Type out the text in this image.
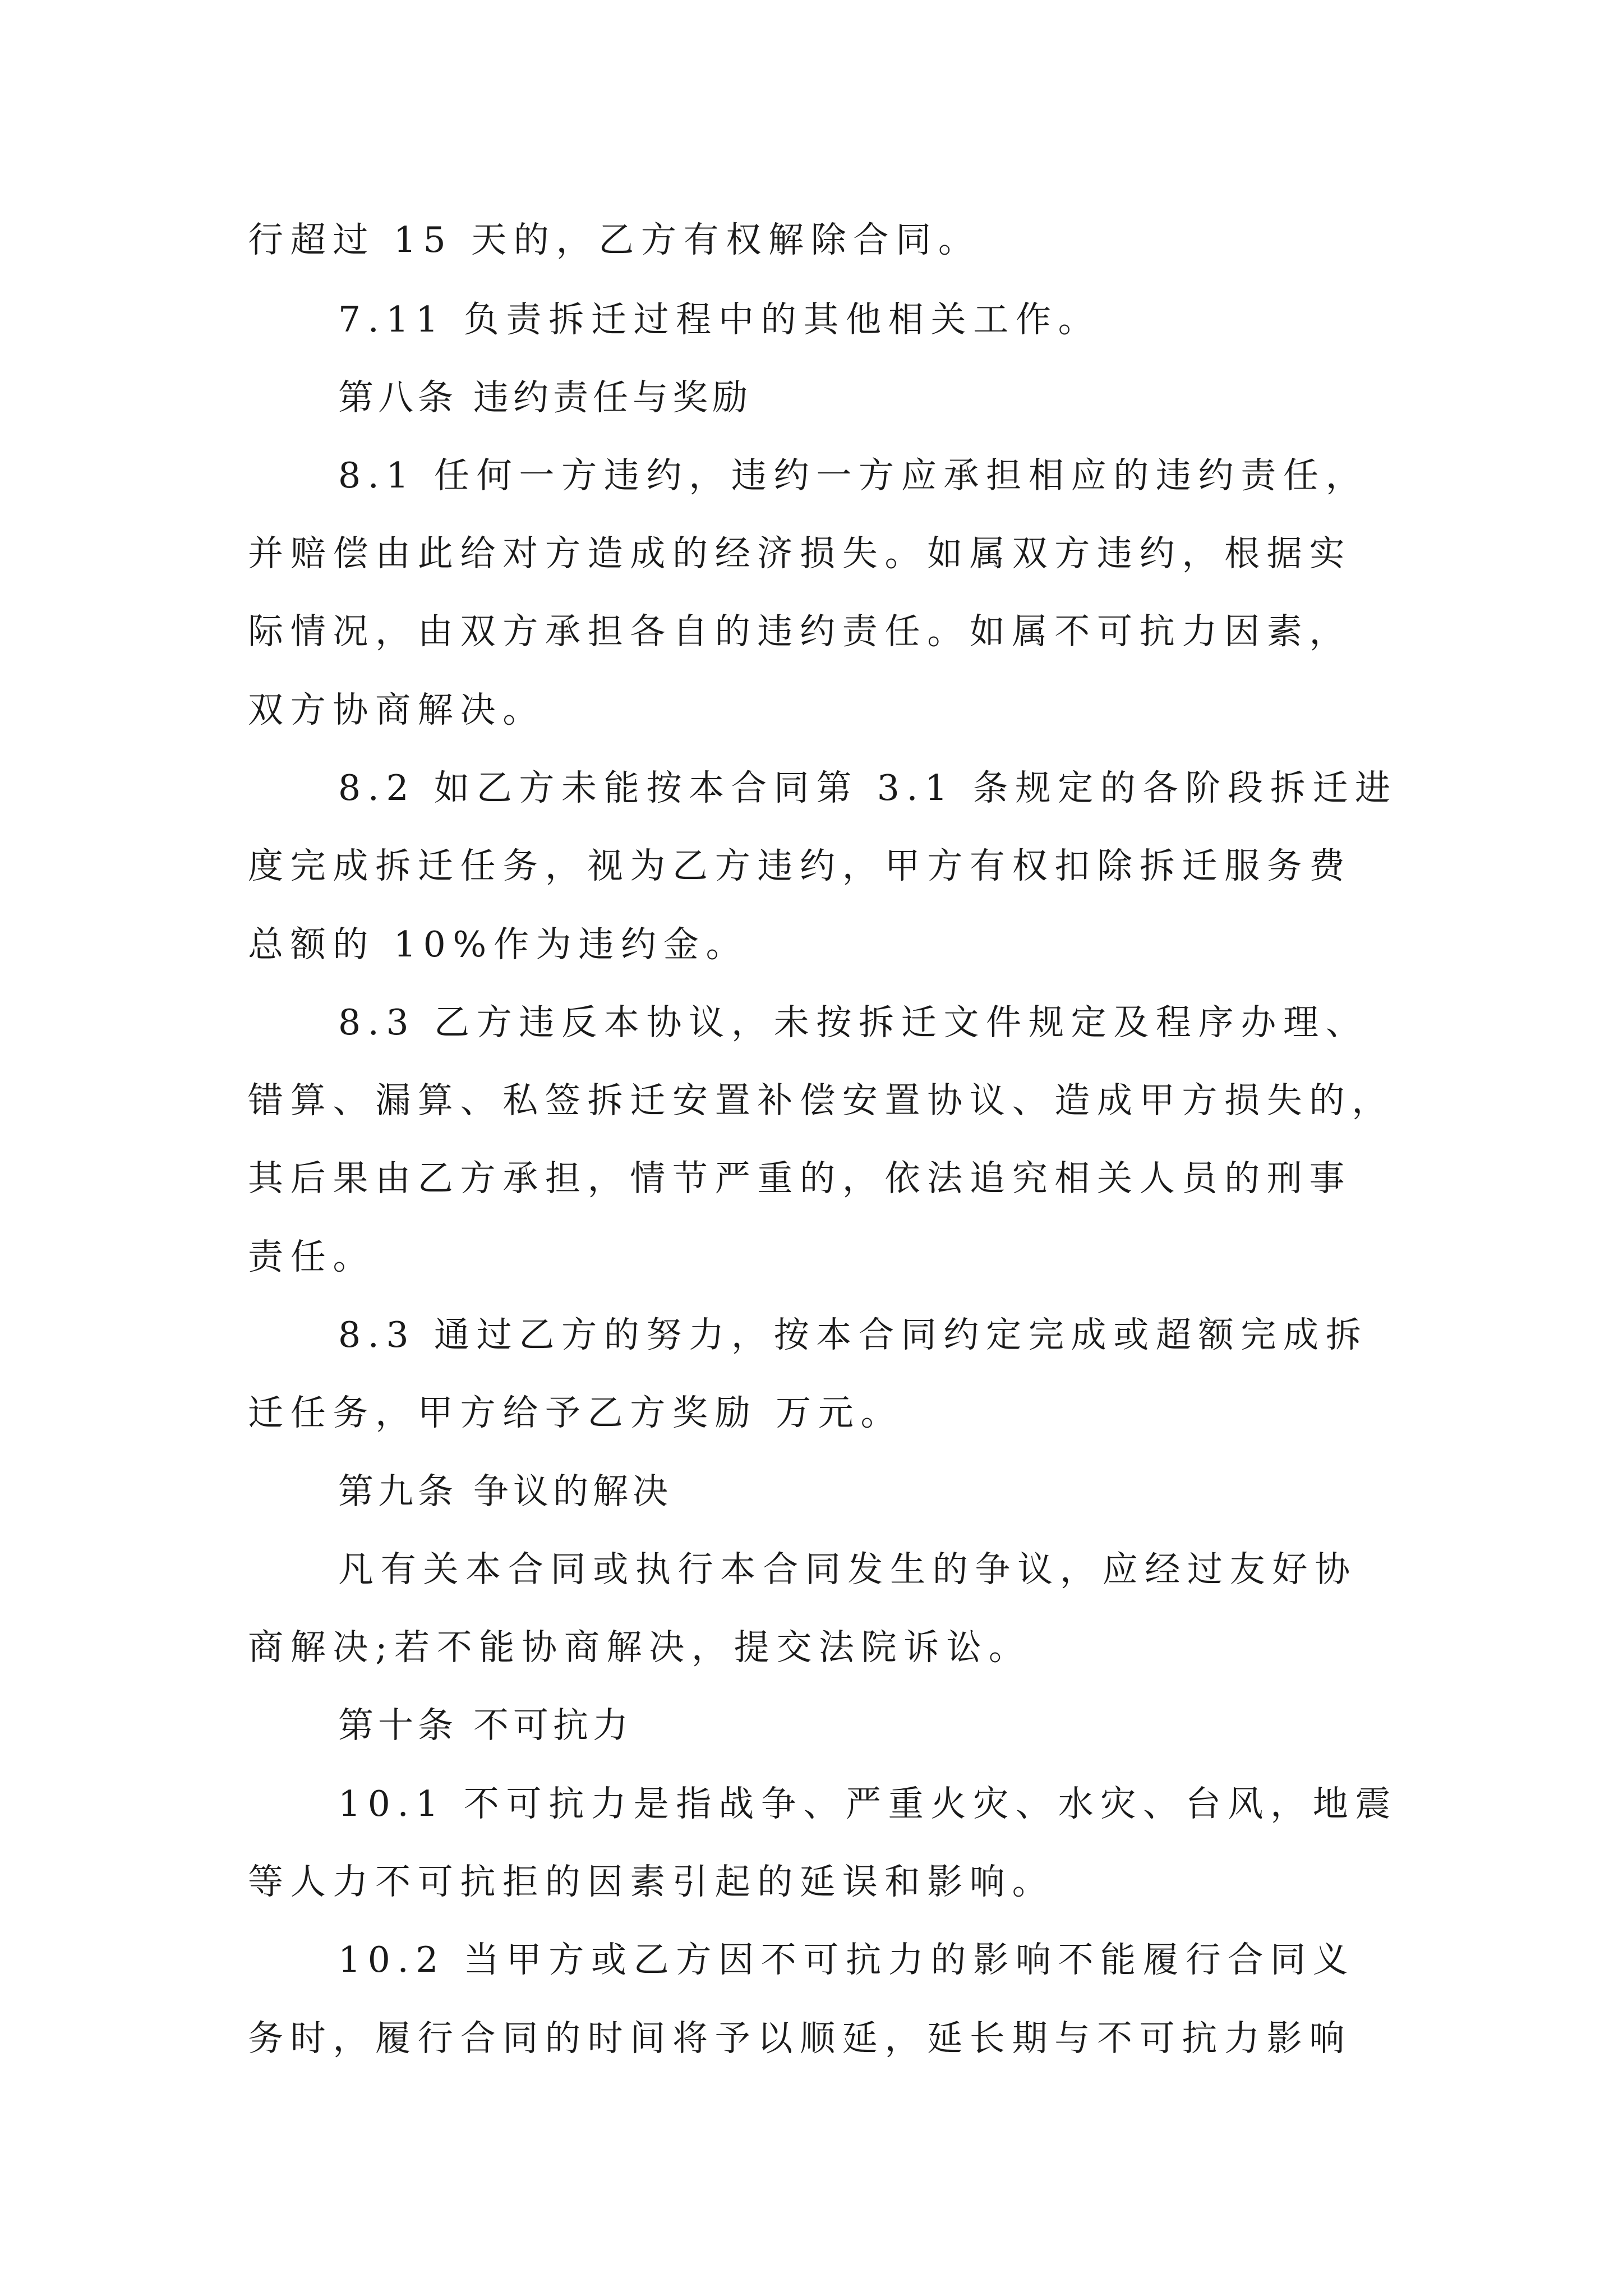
行超过 15 天的，乙方有权解除合同。

7.11 负责拆迁过程中的其他相关工作。

第八条 违约责任与奖励

8.1 任何一方违约，违约一方应承担相应的违约责任，

并赔偿由此给对方造成的经济损失。如属双方违约，根据实

际情况，由双方承担各自的违约责任。如属不可抗力因素，

双方协商解决。

8.2 如乙方未能按本合同第 3.1 条规定的各阶段拆迁进

度完成拆迁任务，视为乙方违约，甲方有权扣除拆迁服务费

总额的 10%作为违约金。

8.3 乙方违反本协议，未按拆迁文件规定及程序办理、

错算、漏算、私签拆迁安置补偿安置协议、造成甲方损失的，

其后果由乙方承担，情节严重的，依法追究相关人员的刑事

责任。

8.3 通过乙方的努力，按本合同约定完成或超额完成拆

迁任务，甲方给予乙方奖励 万元。

第九条 争议的解决

凡有关本合同或执行本合同发生的争议，应经过友好协

商解决;若不能协商解决，提交法院诉讼。

第十条 不可抗力

10.1 不可抗力是指战争、严重火灾、水灾、台风，地震

等人力不可抗拒的因素引起的延误和影响。

10.2 当甲方或乙方因不可抗力的影响不能履行合同义

务时，履行合同的时间将予以顺延，延长期与不可抗力影响
